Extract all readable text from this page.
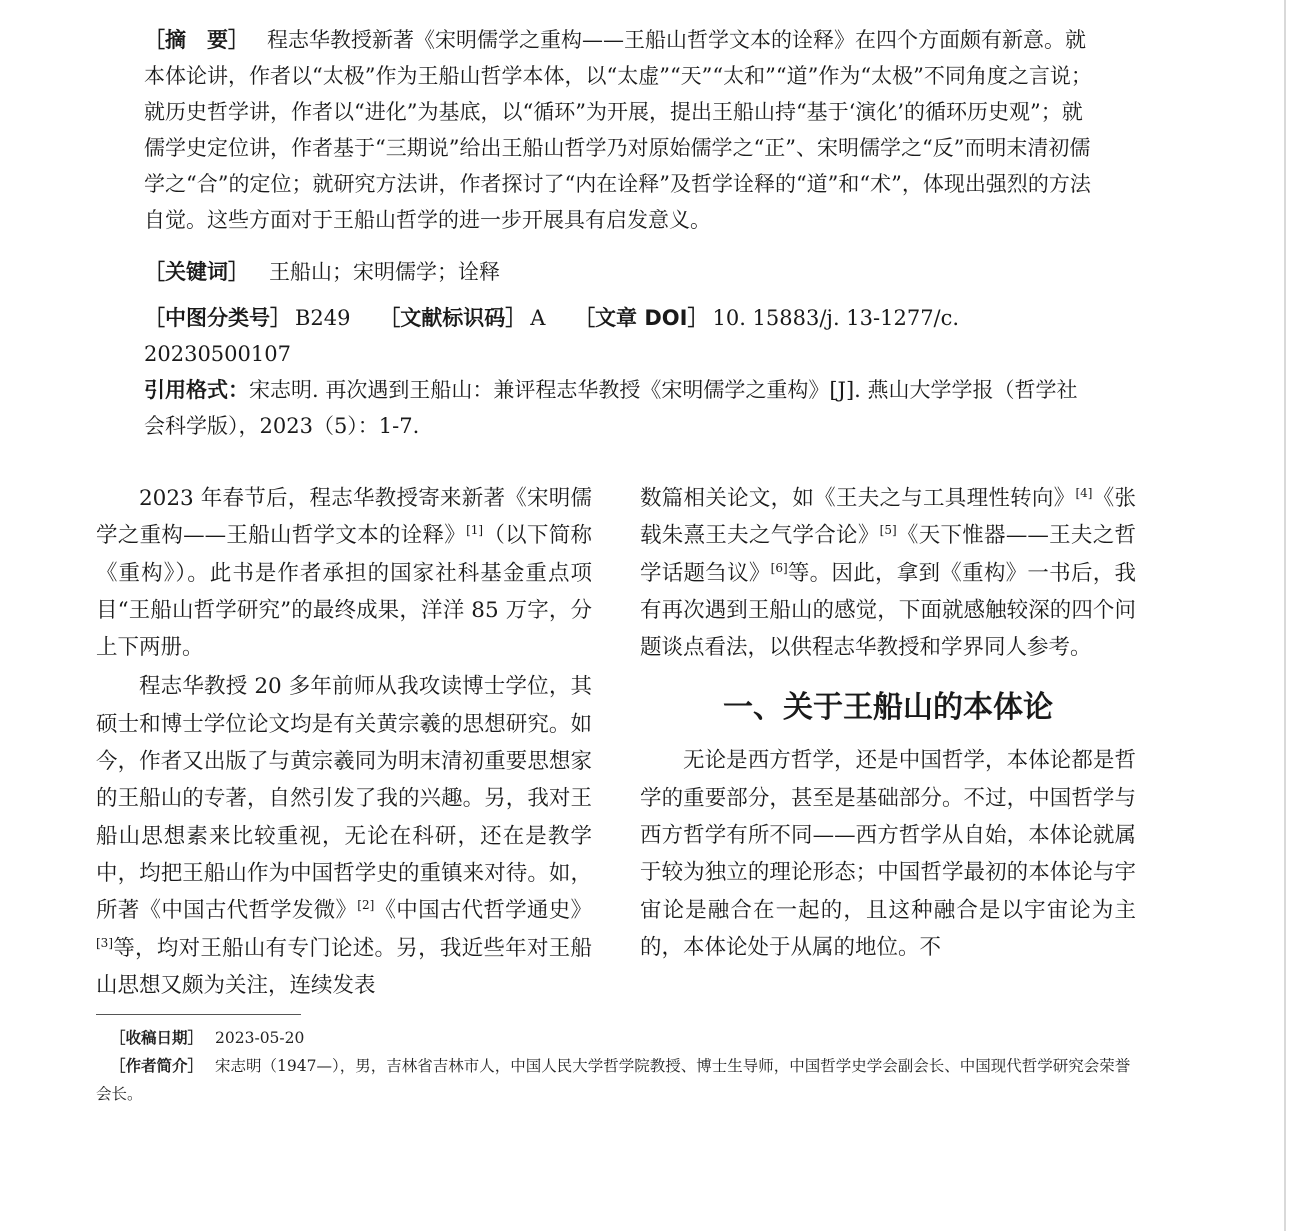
［摘　要］ 程志华教授新著《宋明儒学之重构——王船山哲学文本的诠释》在四个方面颇有新意。就本体论讲，作者以“太极”作为王船山哲学本体，以“太虚”“天”“太和”“道”作为“太极”不同角度之言说；就历史哲学讲，作者以“进化”为基底，以“循环”为开展，提出王船山持“基于‘演化’的循环历史观”；就儒学史定位讲，作者基于“三期说”给出王船山哲学乃对原始儒学之“正”、宋明儒学之“反”而明末清初儒学之“合”的定位；就研究方法讲，作者探讨了“内在诠释”及哲学诠释的“道”和“术”，体现出强烈的方法自觉。这些方面对于王船山哲学的进一步开展具有启发意义。
［关键词］ 王船山；宋明儒学；诠释
［中图分类号］ B249 ［文献标识码］ A ［文章 DOI］ 10. 15883/j. 13-1277/c. 20230500107
引用格式：宋志明. 再次遇到王船山：兼评程志华教授《宋明儒学之重构》[J]. 燕山大学学报（哲学社会科学版），2023（5）：1-7.

2023 年春节后，程志华教授寄来新著《宋明儒学之重构——王船山哲学文本的诠释》[1]（以下简称《重构》）。此书是作者承担的国家社科基金重点项目“王船山哲学研究”的最终成果，洋洋 85 万字，分上下两册。

程志华教授 20 多年前师从我攻读博士学位，其硕士和博士学位论文均是有关黄宗羲的思想研究。如今，作者又出版了与黄宗羲同为明末清初重要思想家的王船山的专著，自然引发了我的兴趣。另，我对王船山思想素来比较重视，无论在科研，还在是教学中，均把王船山作为中国哲学史的重镇来对待。如，所著《中国古代哲学发微》[2]《中国古代哲学通史》[3]等，均对王船山有专门论述。另，我近些年对王船山思想又颇为关注，连续发表

数篇相关论文，如《王夫之与工具理性转向》[4]《张载朱熹王夫之气学合论》[5]《天下惟器——王夫之哲学话题刍议》[6]等。因此，拿到《重构》一书后，我有再次遇到王船山的感觉，下面就感触较深的四个问题谈点看法，以供程志华教授和学界同人参考。

一、关于王船山的本体论

无论是西方哲学，还是中国哲学，本体论都是哲学的重要部分，甚至是基础部分。不过，中国哲学与西方哲学有所不同——西方哲学从自始，本体论就属于较为独立的理论形态；中国哲学最初的本体论与宇宙论是融合在一起的，且这种融合是以宇宙论为主的，本体论处于从属的地位。不

［收稿日期］ 2023-05-20

［作者简介］ 宋志明（1947—），男，吉林省吉林市人，中国人民大学哲学院教授、博士生导师，中国哲学史学会副会长、中国现代哲学研究会荣誉会长。
